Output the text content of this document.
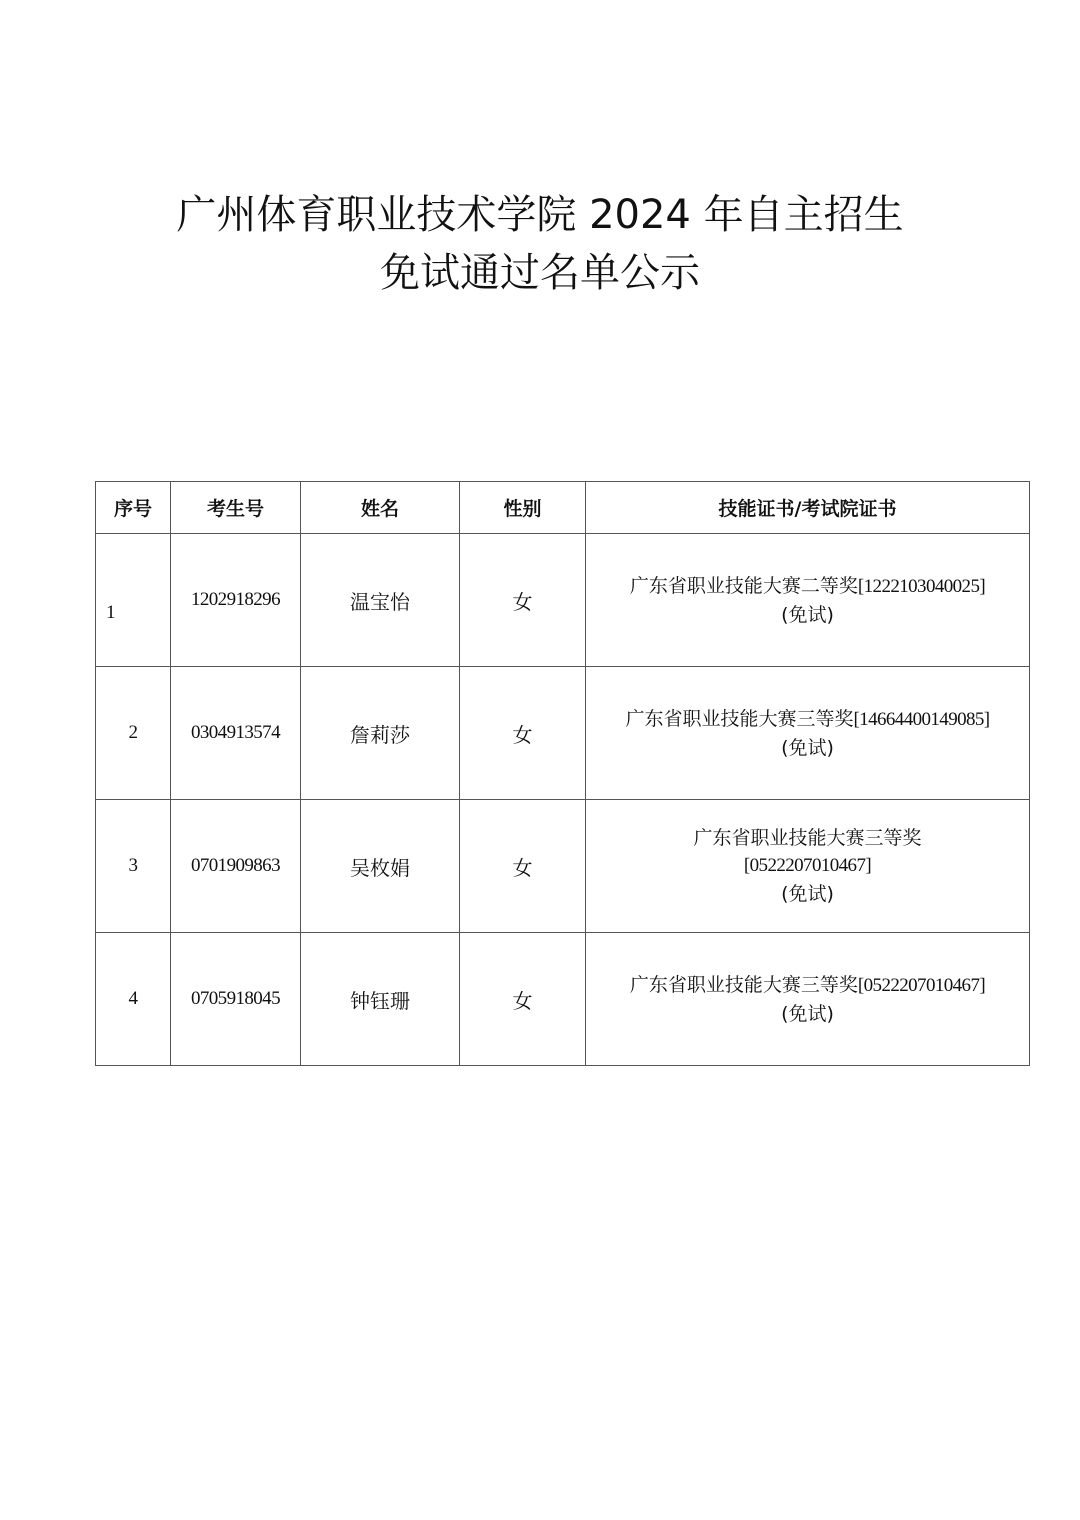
广州体育职业技术学院 2024 年自主招生
免试通过名单公示
序号	考生号	姓名	性别	技能证书/考试院证书
1	1202918296	温宝怡	女	广东省职业技能大赛二等奖[1222103040025]
(免试)

2	0304913574	詹莉莎	女	广东省职业技能大赛三等奖[14664400149085]
(免试)

3	0701909863	吴枚娟	女	广东省职业技能大赛三等奖
[0522207010467]
(免试)

4	0705918045	钟钰珊	女	广东省职业技能大赛三等奖[0522207010467]
(免试)
